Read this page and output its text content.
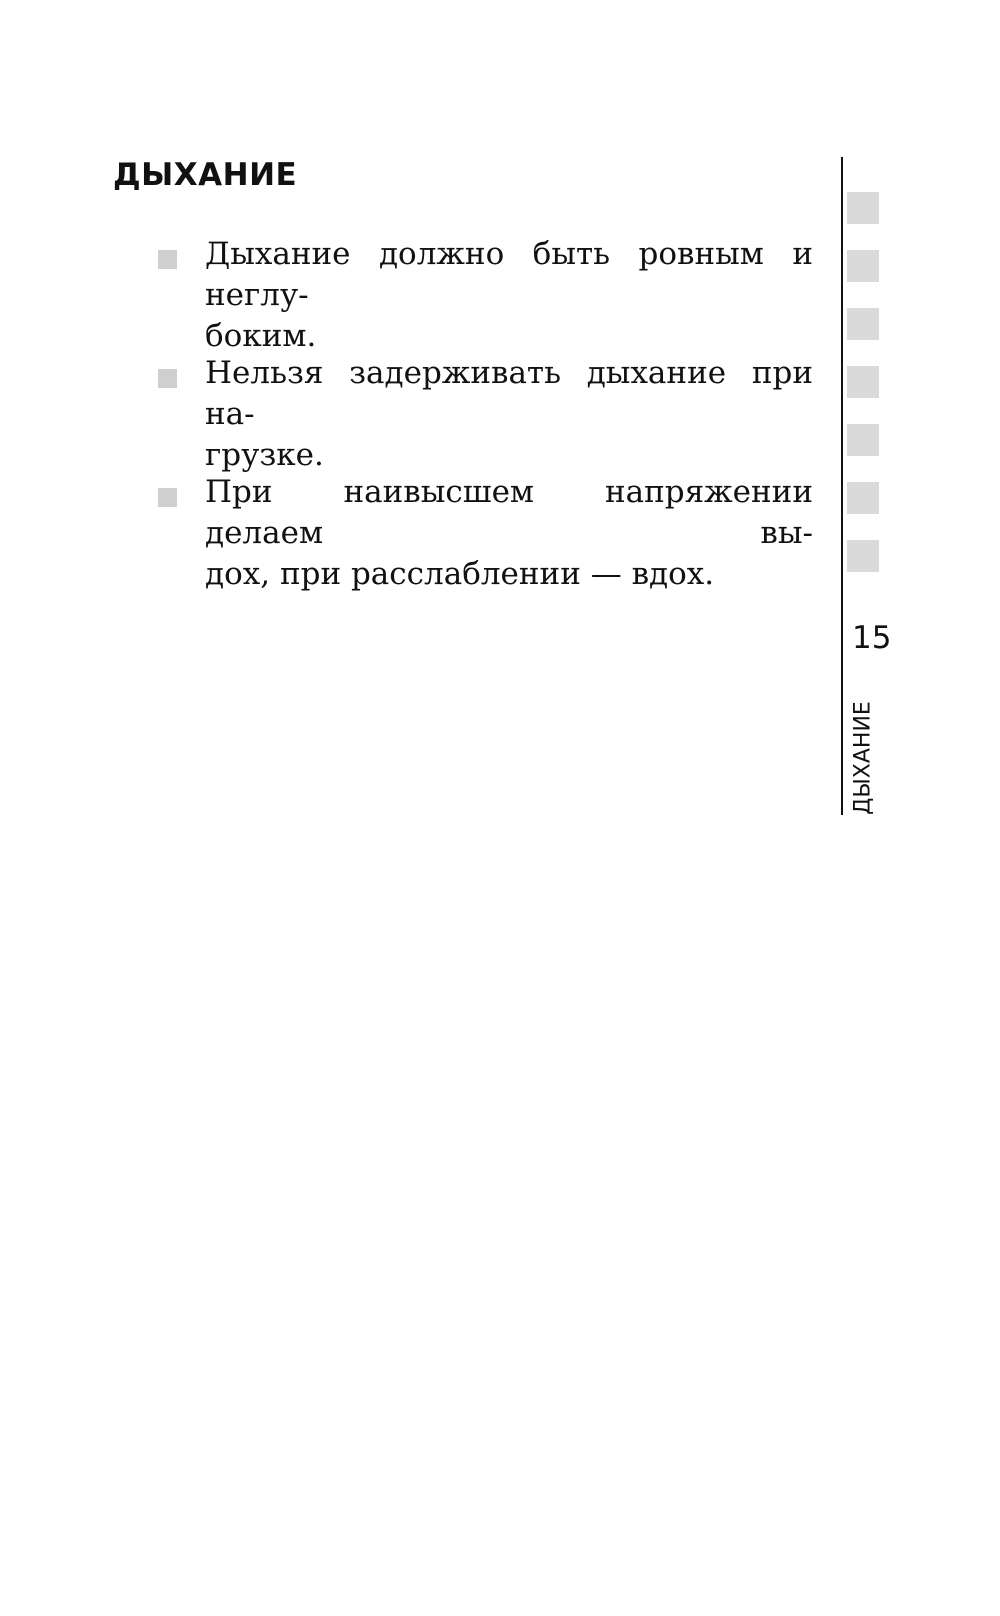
ДЫХАНИЕ
Дыхание должно быть ровным и неглу-
боким.
Нельзя задерживать дыхание при на-
грузке.
При наивысшем напряжении делаем вы-
дох, при расслаблении — вдох.
15
ДЫХАНИЕ
